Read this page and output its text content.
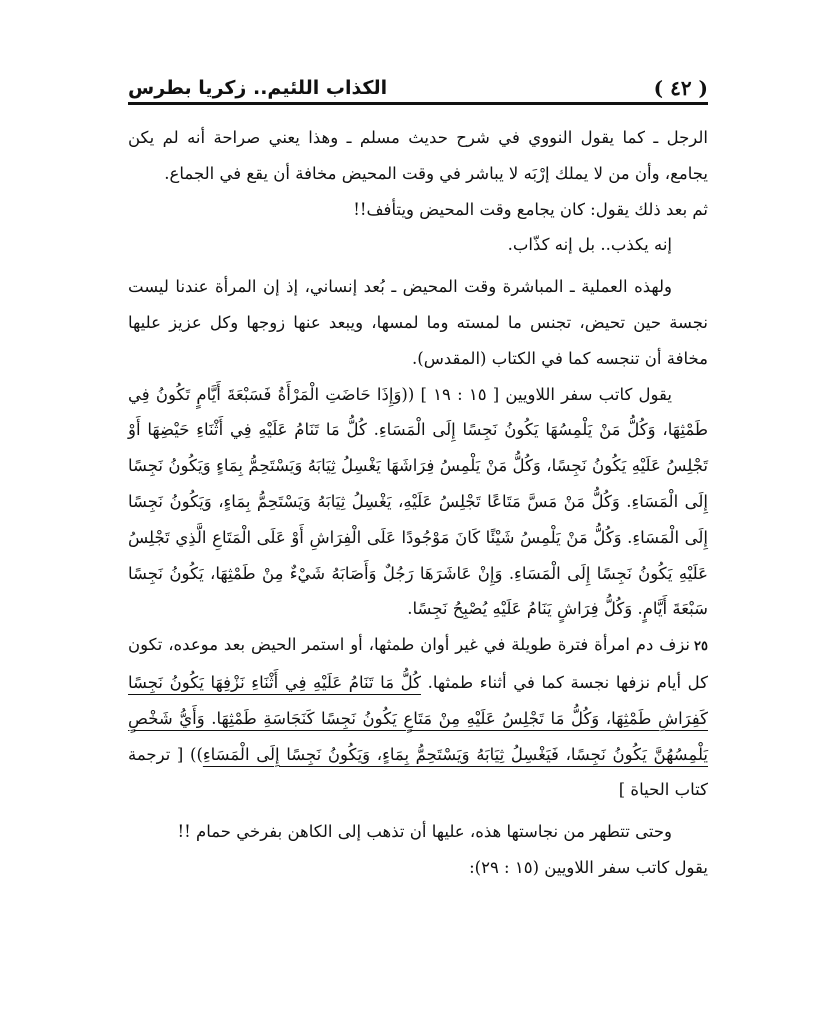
( ٤٢ )
الكذاب اللئيم.. زكريا بطرس

الرجل ـ كما يقول النووي في شرح حديث مسلم ـ وهذا يعني صراحة أنه لم يكن يجامع، وأن من لا يملك إرْبَه لا يباشر في وقت المحيض مخافة أن يقع في الجماع.

ثم بعد ذلك يقول: كان يجامع وقت المحيض ويتأفف!!

إنه يكذب.. بل إنه كذّاب.

ولهذه العملية ـ المباشرة وقت المحيض ـ بُعد إنساني، إذ إن المرأة عندنا ليست نجسة حين تحيض، تجنس ما لمسته وما لمسها، ويبعد عنها زوجها وكل عزيز عليها مخافة أن تنجسه كما في الكتاب (المقدس).

يقول كاتب سفر اللاويين [ ١٥ : ١٩ ] ((وَإِذَا حَاضَتِ الْمَرْأَةُ فَسَبْعَةَ أَيَّامٍ تَكُونُ فِي طَمْثِهَا، وَكُلُّ مَنْ يَلْمِسُهَا يَكُونُ نَجِسًا إِلَى الْمَسَاءِ. كُلُّ مَا تَنَامُ عَلَيْهِ فِي أَثْنَاءِ حَيْضِهَا أَوْ تَجْلِسُ عَلَيْهِ يَكُونُ نَجِسًا، وَكُلُّ مَنْ يَلْمِسُ فِرَاشَهَا يَغْسِلُ ثِيَابَهُ وَيَسْتَحِمُّ بِمَاءٍ وَيَكُونُ نَجِسًا إِلَى الْمَسَاءِ. وَكُلُّ مَنْ مَسَّ مَتَاعًا تَجْلِسُ عَلَيْهِ، يَغْسِلُ ثِيَابَهُ وَيَسْتَحِمُّ بِمَاءٍ، وَيَكُونُ نَجِسًا إِلَى الْمَسَاءِ. وَكُلُّ مَنْ يَلْمِسُ شَيْئًا كَانَ مَوْجُودًا عَلَى الْفِرَاشِ أَوْ عَلَى الْمَتَاعِ الَّذِي تَجْلِسُ عَلَيْهِ يَكُونُ نَجِسًا إِلَى الْمَسَاءِ. وَإِنْ عَاشَرَهَا رَجُلٌ وَأَصَابَهُ شَيْءٌ مِنْ طَمْثِهَا، يَكُونُ نَجِسًا سَبْعَةَ أَيَّامٍ. وَكُلُّ فِرَاشٍ يَنَامُ عَلَيْهِ يُصْبِحُ نَجِسًا.

٢٥نزف دم امرأة فترة طويلة في غير أوان طمثها، أو استمر الحيض بعد موعده، تكون كل أيام نزفها نجسة كما في أثناء طمثها. كُلُّ مَا تَنَامُ عَلَيْهِ فِي أَثْنَاءِ نَزْفِهَا يَكُونُ نَجِسًا كَفِرَاشِ طَمْثِهَا، وَكُلُّ مَا تَجْلِسُ عَلَيْهِ مِنْ مَتَاعٍ يَكُونُ نَجِسًا كَنَجَاسَةِ طَمْثِهَا. وَأَيُّ شَخْصٍ يَلْمِسُهُنَّ يَكُونُ نَجِسًا، فَيَغْسِلُ ثِيَابَهُ وَيَسْتَحِمُّ بِمَاءٍ، وَيَكُونُ نَجِسًا إِلَى الْمَسَاءِ)) [ ترجمة كتاب الحياة ]

وحتى تتطهر من نجاستها هذه، عليها أن تذهب إلى الكاهن بفرخي حمام !!

يقول كاتب سفر اللاويين (١٥ : ٢٩):
